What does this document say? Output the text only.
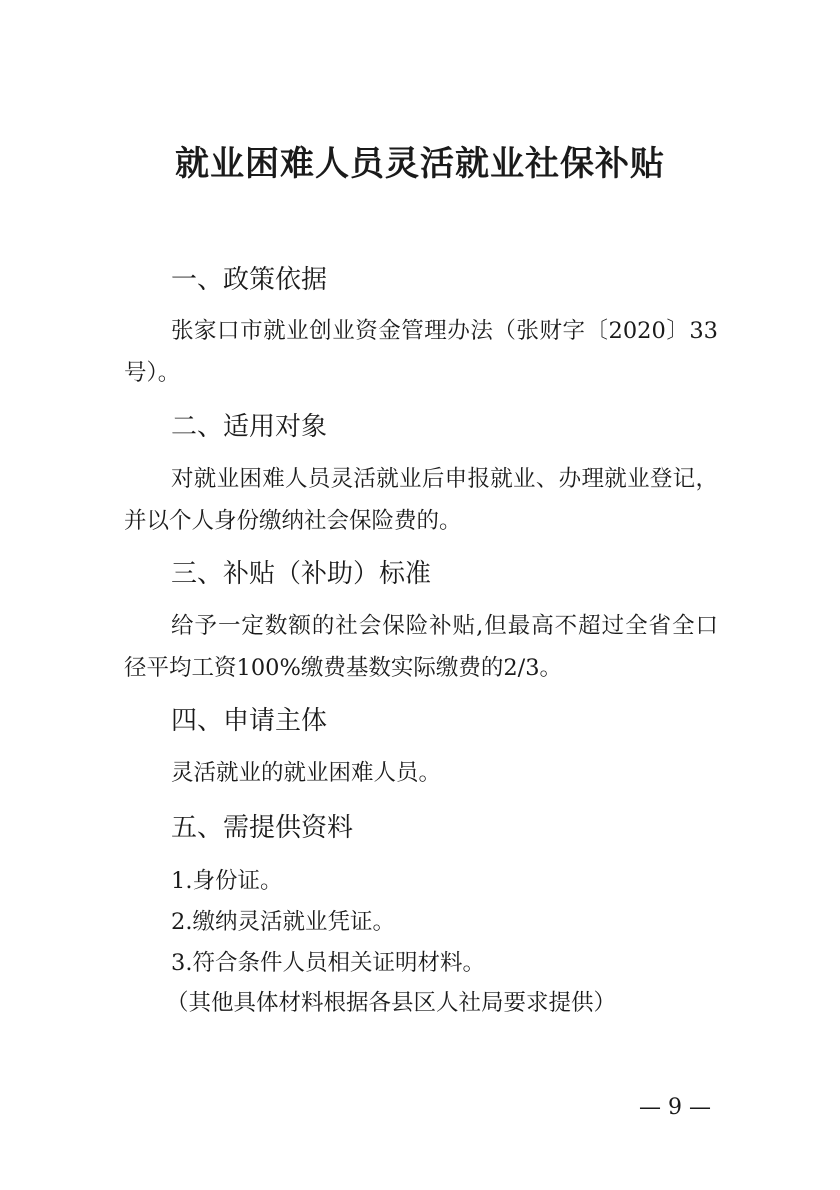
就业困难人员灵活就业社保补贴
一、政策依据

张家口市就业创业资金管理办法（张财字〔2020〕33号）。

二、适用对象

对就业困难人员灵活就业后申报就业、办理就业登记，并以个人身份缴纳社会保险费的。

三、补贴（补助）标准

给予一定数额的社会保险补贴,但最高不超过全省全口径平均工资100%缴费基数实际缴费的2/3。

四、申请主体

灵活就业的就业困难人员。

五、需提供资料
1.身份证。
2.缴纳灵活就业凭证。
3.符合条件人员相关证明材料。
（其他具体材料根据各县区人社局要求提供）
— 9 —
